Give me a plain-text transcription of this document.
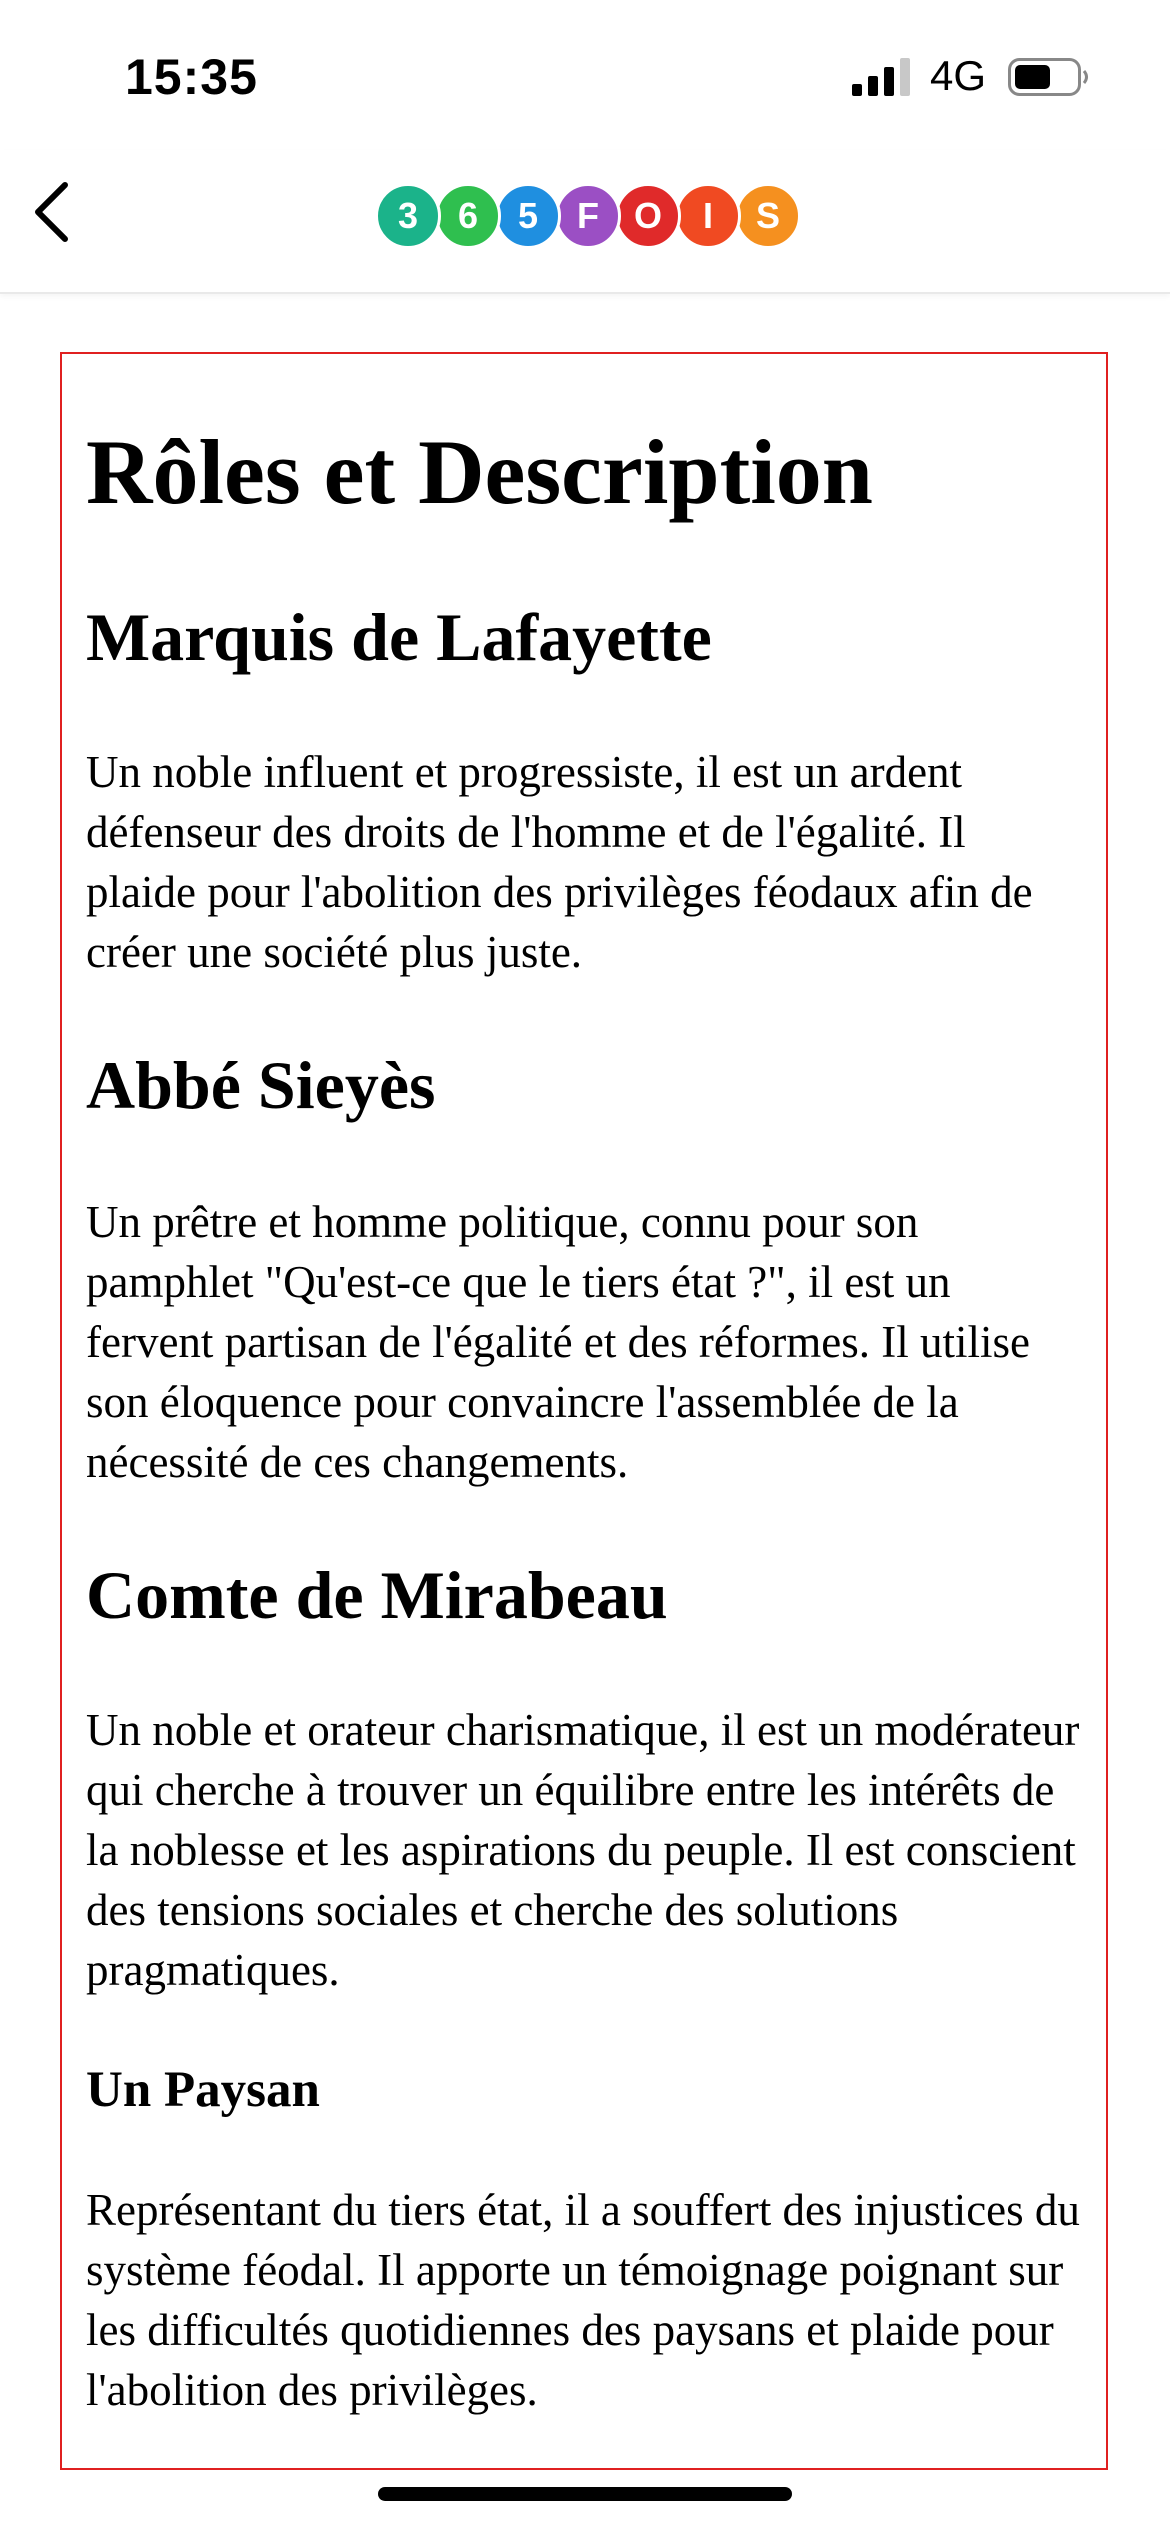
15:35	4G
3	6	5	F O	I	S
Rôles et Description
Marquis de Lafayette

Un noble influent et progressiste, il est un ardent défenseur des droits de l'homme et de l'égalité. Il plaide pour l'abolition des privilèges féodaux afin de créer une société plus juste.

Abbé Sieyès

Un prêtre et homme politique, connu pour son pamphlet "Qu'est-ce que le tiers état ?", il est un fervent partisan de l'égalité et des réformes. Il utilise son éloquence pour convaincre l'assemblée de la nécessité de ces changements.

Comte de Mirabeau

Un noble et orateur charismatique, il est un modérateur qui cherche à trouver un équilibre entre les intérêts de la noblesse et les aspirations du peuple. Il est conscient des tensions sociales et cherche des solutions pragmatiques.

Un Paysan

Représentant du tiers état, il a souffert des injustices du système féodal. Il apporte un témoignage poignant sur les difficultés quotidiennes des paysans et plaide pour l'abolition des privilèges.
